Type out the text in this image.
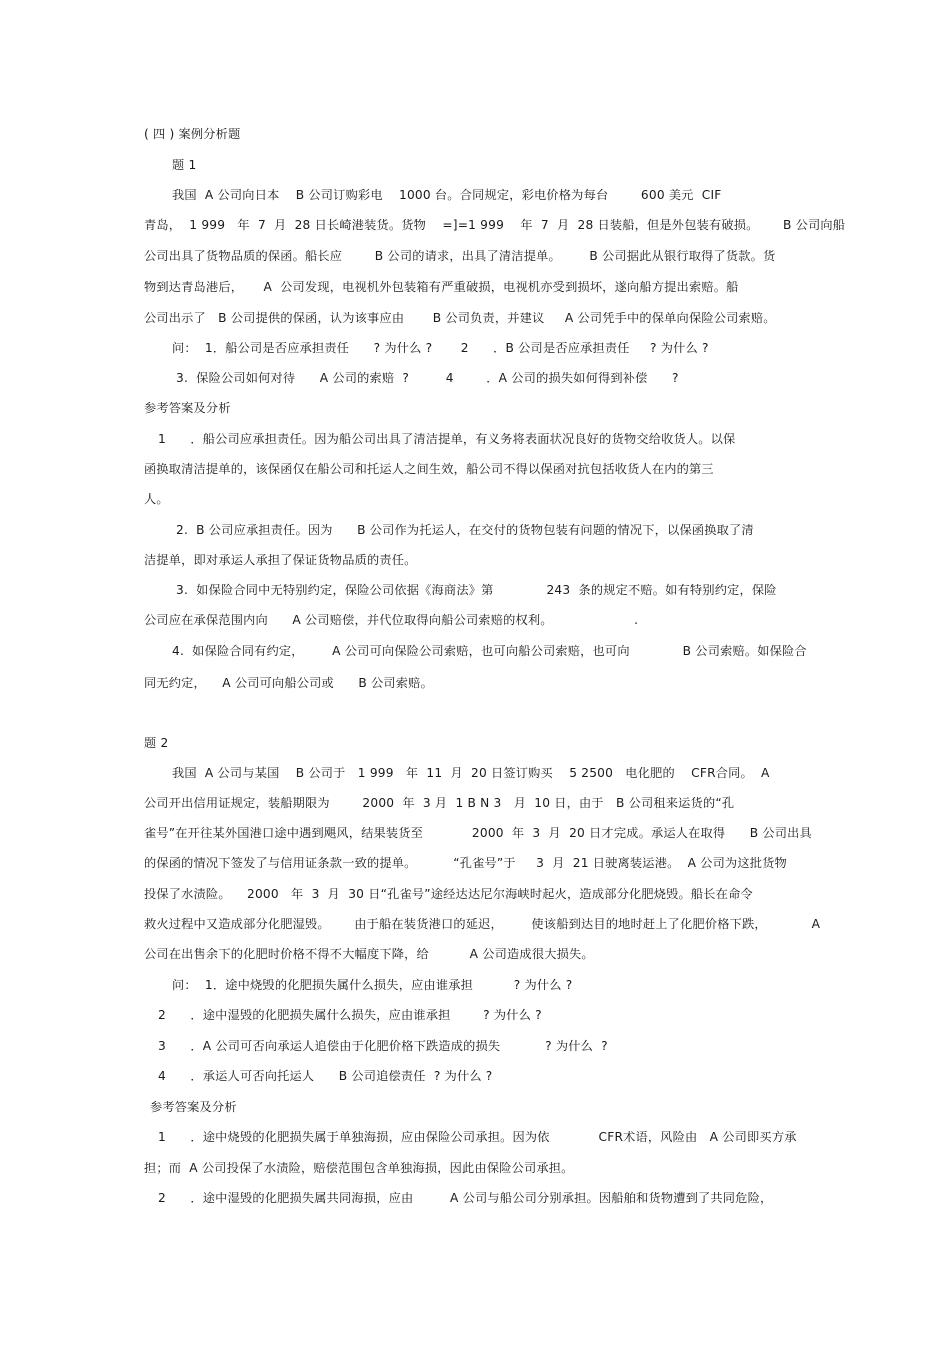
( 四 ) 案例分析题
题 1
我国  A 公司向日本    B 公司订购彩电    1000 台。合同规定，彩电价格为每台        600 美元  CIF
青岛，  1 999   年  7  月  28 日长崎港装货。货物    =]=1 999    年  7  月  28 日装船，但是外包装有破损。      B 公司向船
公司出具了货物品质的保函。船长应        B 公司的请求，出具了清洁提单。       B 公司据此从银行取得了货款。货
物到达青岛港后，     A  公司发现，电视机外包装箱有严重破损，电视机亦受到损坏，遂向船方提出索赔。船
公司出示了   B 公司提供的保函，认为该事应由       B 公司负责，并建议     A 公司凭手中的保单向保险公司索赔。
问：  1．船公司是否应承担责任      ? 为什么 ?       2      ．B 公司是否应承担责任     ? 为什么 ?
3.  保险公司如何对待      A 公司的索赔  ?         4        ．A 公司的损失如何得到补偿      ?
参考答案及分析
1      ．船公司应承担责任。因为船公司出具了清洁提单，有义务将表面状况良好的货物交给收货人。以保
函换取清洁提单的，该保函仅在船公司和托运人之间生效，船公司不得以保函对抗包括收货人在内的第三
人。
2.  B 公司应承担责任。因为      B 公司作为托运人，在交付的货物包装有问题的情况下，以保函换取了清
洁提单，即对承运人承担了保证货物品质的责任。
3.  如保险合同中无特别约定，保险公司依据《海商法》第             243  条的规定不赔。如有特别约定，保险
公司应在承保范围内向      A 公司赔偿，并代位取得向船公司索赔的权利。                    .
4.  如保险合同有约定，       A 公司可向保险公司索赔，也可向船公司索赔，也可向             B 公司索赔。如保险合
同无约定，    A 公司可向船公司或      B 公司索赔。
题 2
我国  A 公司与某国    B 公司于   1 999   年  11  月  20 日签订购买    5 2500   电化肥的    CFR合同。  A
公司开出信用证规定，装船期限为        2000  年  3 月  1 B N 3   月  10 日，由于   B 公司租来运货的“孔
雀号”在开往某外国港口途中遇到飓风，结果装货至            2000  年  3  月  20 日才完成。承运人在取得      B 公司出具
的保函的情况下签发了与信用证条款一致的提单。         “孔雀号”于     3  月  21 日驶离装运港。  A 公司为这批货物
投保了水渍险。    2000   年  3  月  30 日“孔雀号”途经达达尼尔海峡时起火，造成部分化肥烧毁。船长在命令
救火过程中又造成部分化肥湿毁。      由于船在装货港口的延迟，       使该船到达目的地时赶上了化肥价格下跌，           A
公司在出售余下的化肥时价格不得不大幅度下降，给          A 公司造成很大损失。
问：  1．途中烧毁的化肥损失属什么损失，应由谁承担          ? 为什么 ?
2      ．途中湿毁的化肥损失属什么损失，应由谁承担        ? 为什么 ?
3      ．A 公司可否向承运人追偿由于化肥价格下跌造成的损失           ? 为什么  ?
4      ．承运人可否向托运人      B 公司追偿责任  ? 为什么 ?
参考答案及分析
1      ．途中烧毁的化肥损失属于单独海损，应由保险公司承担。因为依            CFR术语，风险由   A 公司即买方承
担；而  A 公司投保了水渍险，赔偿范围包含单独海损，因此由保险公司承担。
2      ．途中湿毁的化肥损失属共同海损，应由         A 公司与船公司分别承担。因船舶和货物遭到了共同危险，
